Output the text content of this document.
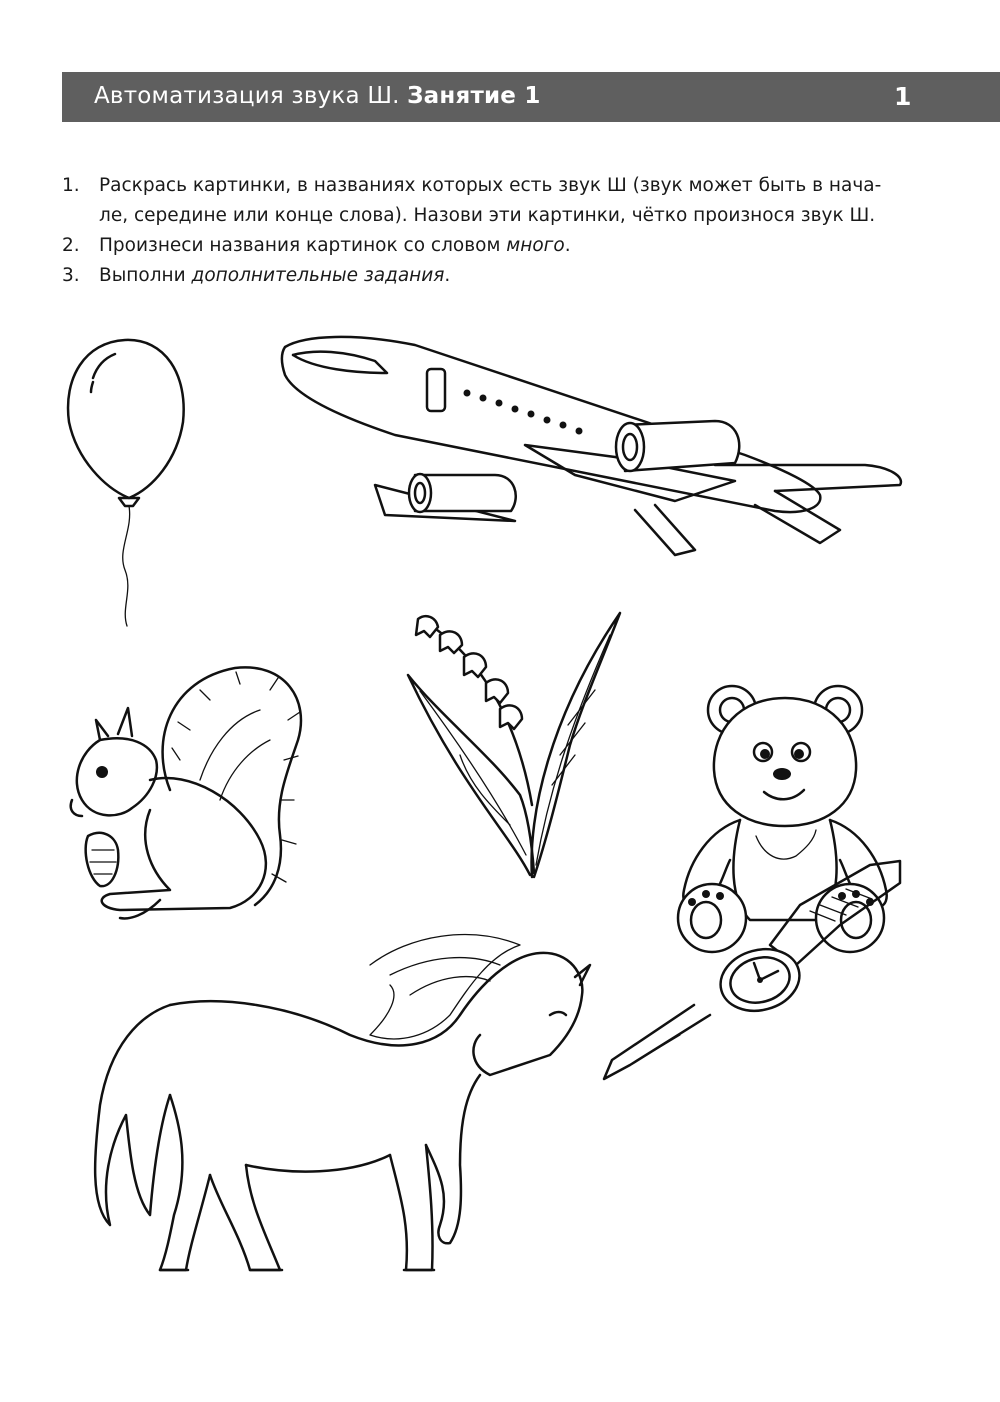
Автоматизация звука Ш. Занятие 1	1
1. Раскрась картинки, в названиях которых есть звук Ш (звук может быть в нача-
ле, середине или конце слова). Назови эти картинки, чётко произнося звук Ш.
2. Произнеси названия картинок со словом много.
3. Выполни дополнительные задания.
